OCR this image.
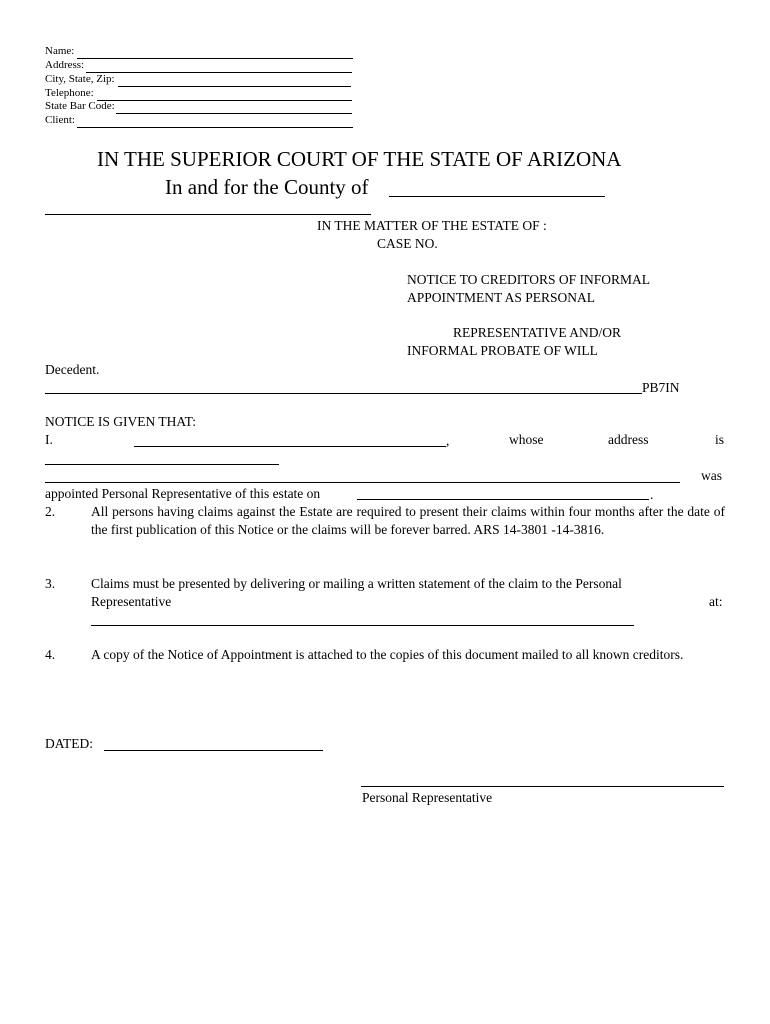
Name:
Address:
City, State, Zip:
Telephone:
State Bar Code:
Client:
IN THE SUPERIOR COURT OF THE STATE OF ARIZONA
In and for the County of
IN THE MATTER OF THE ESTATE OF :
CASE NO.
NOTICE TO CREDITORS OF INFORMAL
APPOINTMENT AS PERSONAL
REPRESENTATIVE AND/OR
INFORMAL PROBATE OF WILL
Decedent.
PB7IN
NOTICE IS GIVEN THAT:
I.	,	whose	address	is
was
appointed Personal Representative of this estate on	.
2.	All persons having claims against the Estate are required to present their claims within four months after the date of the first publication of this Notice or the claims will be forever barred. ARS 14-3801 -14-3816.
3.	Claims must be presented by delivering or mailing a written statement of the claim to the Personal
Representative	at:
4.	A copy of the Notice of Appointment is attached to the copies of this document mailed to all known creditors.
DATED:
Personal Representative
